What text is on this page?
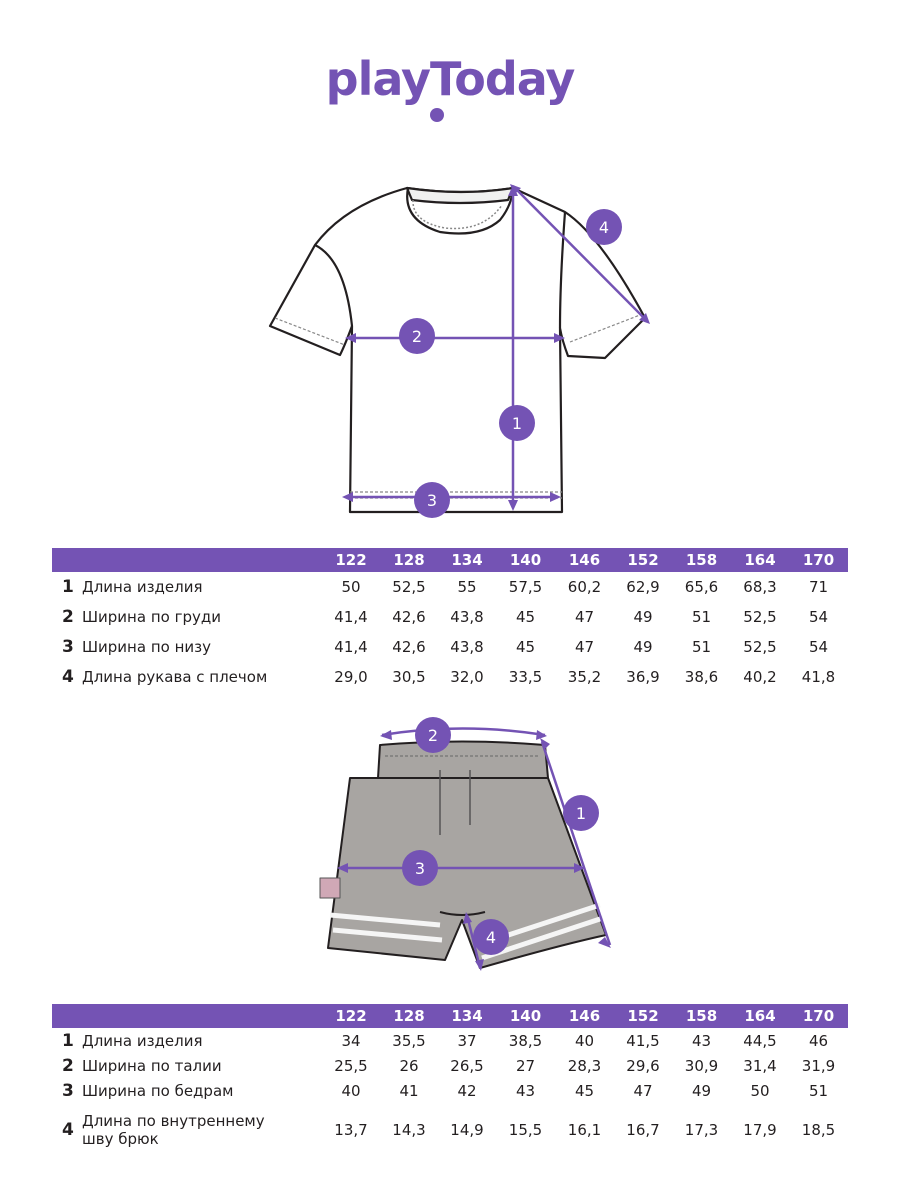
playToday
2
1
3
4
		122	128	134	140	146	152	158	164	170
1	Длина изделия	50	52,5	55	57,5	60,2	62,9	65,6	68,3	71
2	Ширина по груди	41,4	42,6	43,8	45	47	49	51	52,5	54
3	Ширина по низу	41,4	42,6	43,8	45	47	49	51	52,5	54
4	Длина рукава с плечом	29,0	30,5	32,0	33,5	35,2	36,9	38,6	40,2	41,8
2
1
3
4
		122	128	134	140	146	152	158	164	170
1	Длина изделия	34	35,5	37	38,5	40	41,5	43	44,5	46
2	Ширина по талии	25,5	26	26,5	27	28,3	29,6	30,9	31,4	31,9
3	Ширина по бедрам	40	41	42	43	45	47	49	50	51
4	Длина по внутреннему
шву брюк	13,7	14,3	14,9	15,5	16,1	16,7	17,3	17,9	18,5
